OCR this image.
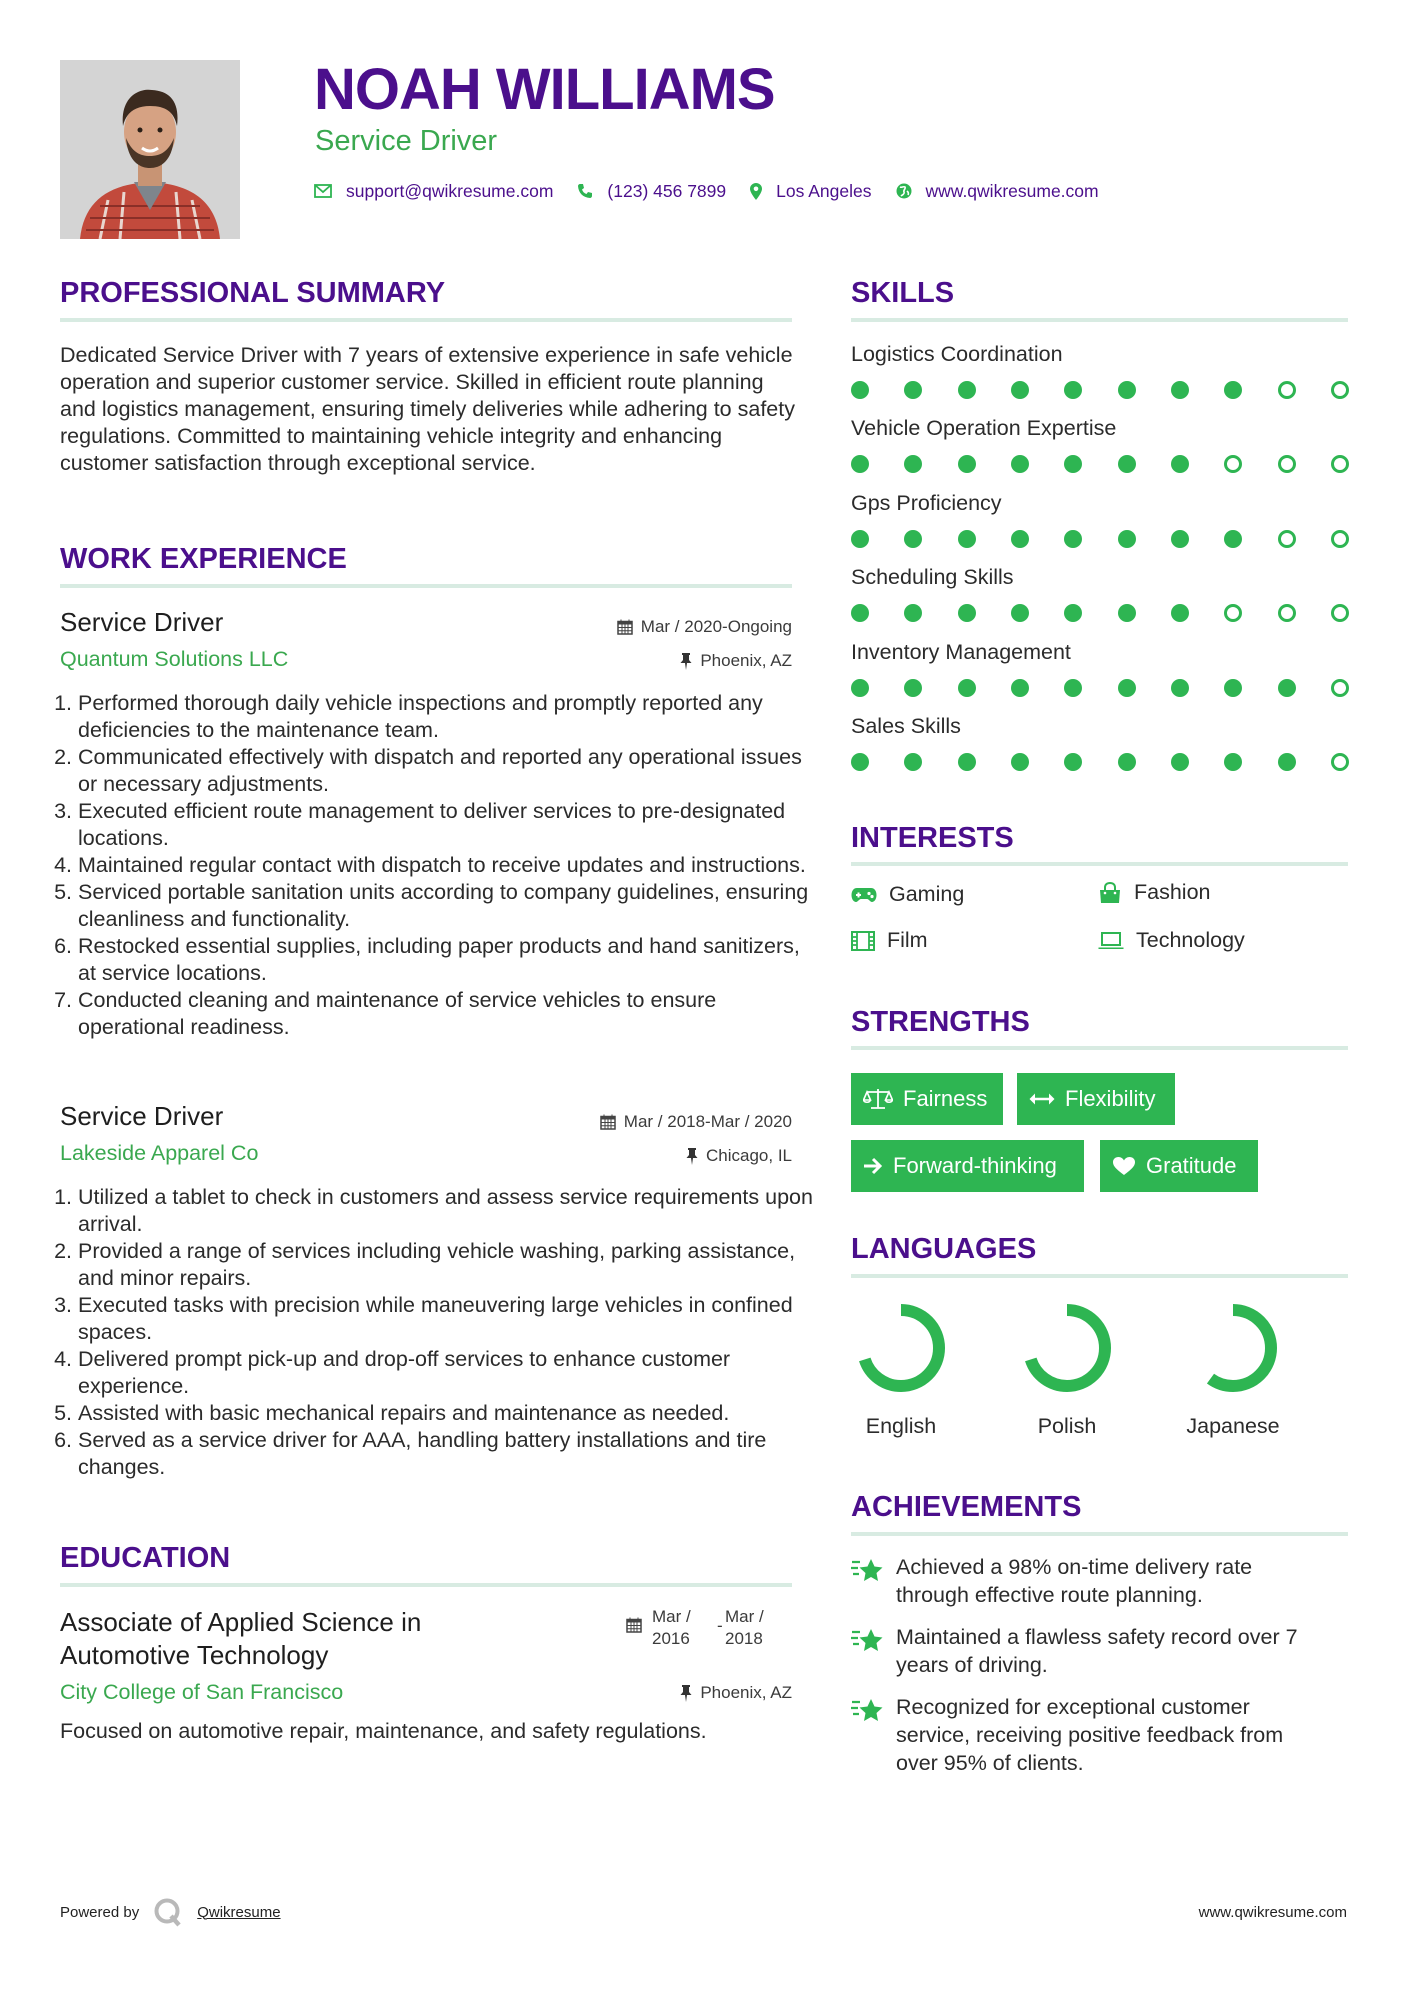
NOAH WILLIAMS
Service Driver
support@qwikresume.com	(123) 456 7899	Los Angeles	www.qwikresume.com
PROFESSIONAL SUMMARY
Dedicated Service Driver with 7 years of extensive experience in safe vehicle operation and superior customer service. Skilled in efficient route planning and logistics management, ensuring timely deliveries while adhering to safety regulations. Committed to maintaining vehicle integrity and enhancing customer satisfaction through exceptional service.
WORK EXPERIENCE
Service Driver	Mar / 2020-Ongoing
Quantum Solutions LLC	Phoenix, AZ
1. Performed thorough daily vehicle inspections and promptly reported any deficiencies to the maintenance team.
2. Communicated effectively with dispatch and reported any operational issues or necessary adjustments.
3. Executed efficient route management to deliver services to pre-designated locations.
4. Maintained regular contact with dispatch to receive updates and instructions.
5. Serviced portable sanitation units according to company guidelines, ensuring cleanliness and functionality.
6. Restocked essential supplies, including paper products and hand sanitizers, at service locations.
7. Conducted cleaning and maintenance of service vehicles to ensure operational readiness.
Service Driver	Mar / 2018-Mar / 2020
Lakeside Apparel Co	Chicago, IL
1. Utilized a tablet to check in customers and assess service requirements upon arrival.
2. Provided a range of services including vehicle washing, parking assistance, and minor repairs.
3. Executed tasks with precision while maneuvering large vehicles in confined spaces.
4. Delivered prompt pick-up and drop-off services to enhance customer experience.
5. Assisted with basic mechanical repairs and maintenance as needed.
6. Served as a service driver for AAA, handling battery installations and tire changes.
EDUCATION
Associate of Applied Science in
Automotive Technology
Mar /
2016
- Mar /
2018
City College of San Francisco	Phoenix, AZ
Focused on automotive repair, maintenance, and safety regulations.
SKILLS
Logistics Coordination
Vehicle Operation Expertise
Gps Proficiency
Scheduling Skills
Inventory Management
Sales Skills
INTERESTS
Gaming	Fashion
Film	Technology
STRENGTHS
Fairness	Flexibility
Forward-thinking	Gratitude
LANGUAGES
English	Polish	Japanese
ACHIEVEMENTS
Achieved a 98% on-time delivery rate
through effective route planning.
Maintained a flawless safety record over 7
years of driving.
Recognized for exceptional customer
service, receiving positive feedback from
over 95% of clients.
Powered by	Qwikresume	www.qwikresume.com
